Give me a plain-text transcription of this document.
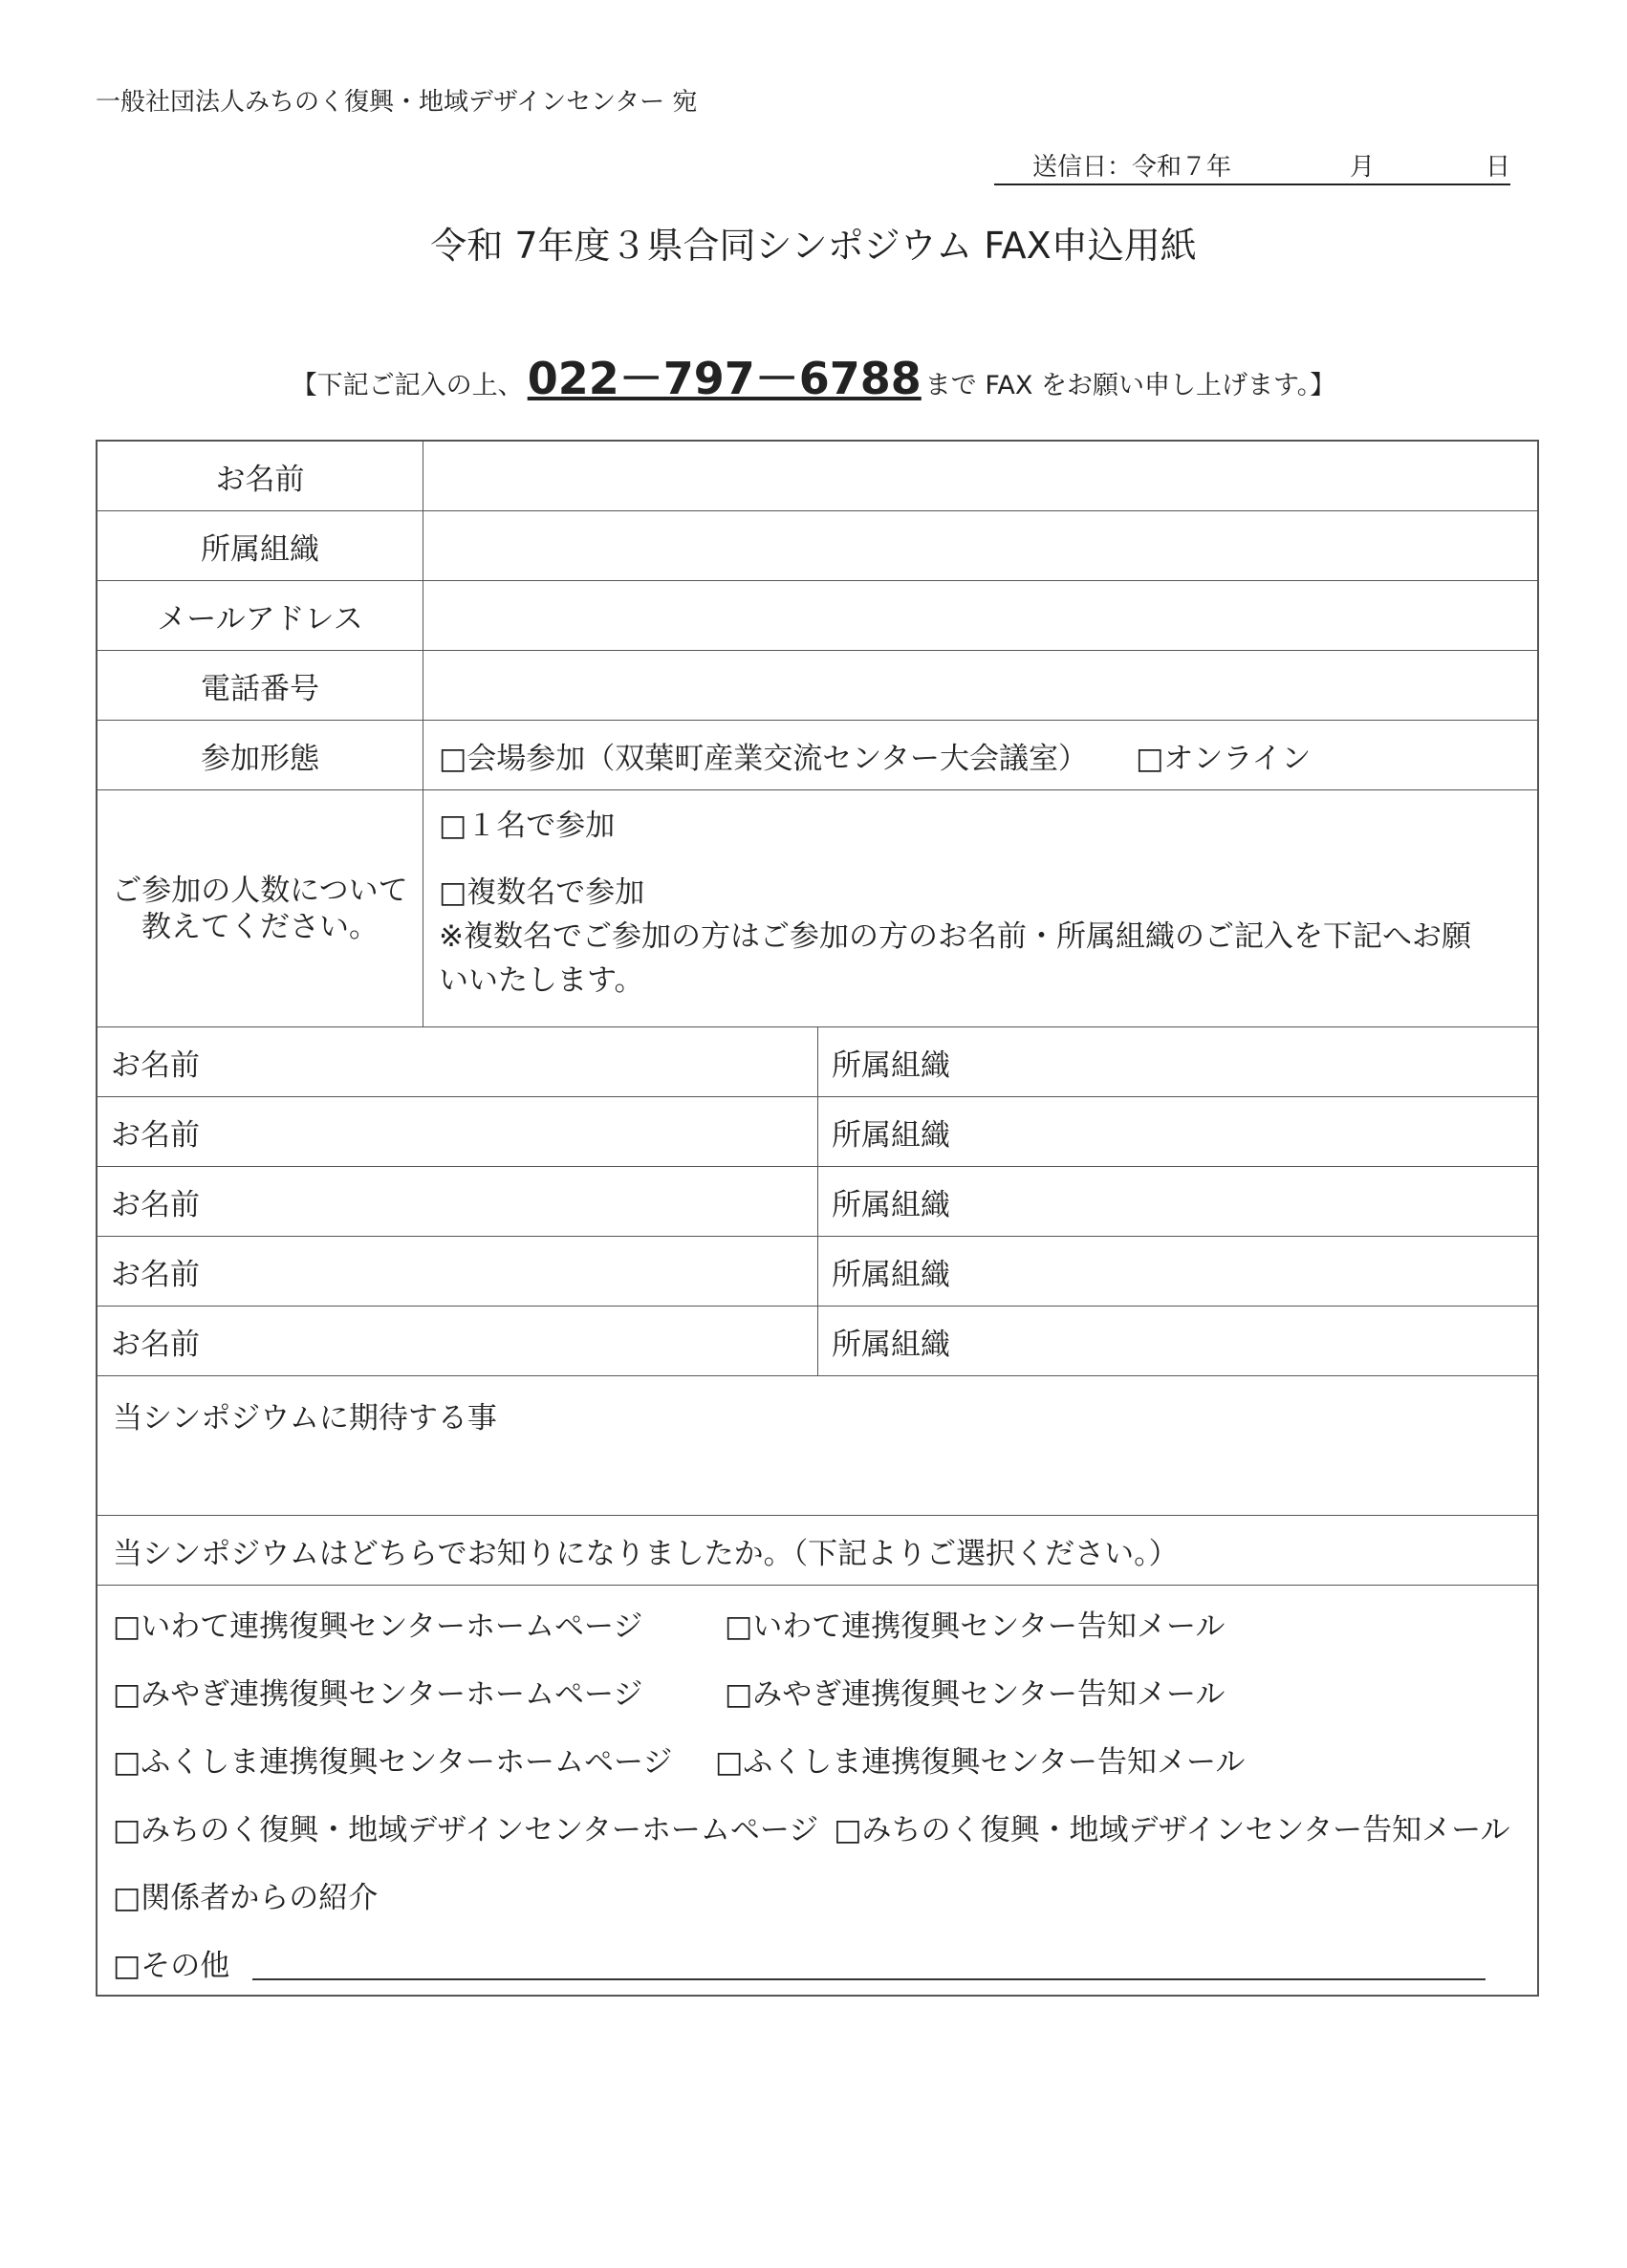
一般社団法人みちのく復興・地域デザインセンター 宛
送信日：令和７年	月	日
令和 7年度３県合同シンポジウム FAX申込用紙
【下記ご記入の上、022－797－6788 まで FAX をお願い申し上げます。】
お名前
所属組織
メールアドレス
電話番号
参加形態	□会場参加（双葉町産業交流センター大会議室） □オンライン
ご参加の人数について
教えてください。
□１名で参加
□複数名で参加
※複数名でご参加の方はご参加の方のお名前・所属組織のご記入を下記へお願
いいたします。
お名前	所属組織
お名前	所属組織
お名前	所属組織
お名前	所属組織
お名前	所属組織
当シンポジウムに期待する事
当シンポジウムはどちらでお知りになりましたか。（下記よりご選択ください。）
□いわて連携復興センターホームページ	□いわて連携復興センター告知メール
□みやぎ連携復興センターホームページ	□みやぎ連携復興センター告知メール
□ふくしま連携復興センターホームページ	□ふくしま連携復興センター告知メール
□みちのく復興・地域デザインセンターホームページ □みちのく復興・地域デザインセンター告知メール
□関係者からの紹介
□その他
